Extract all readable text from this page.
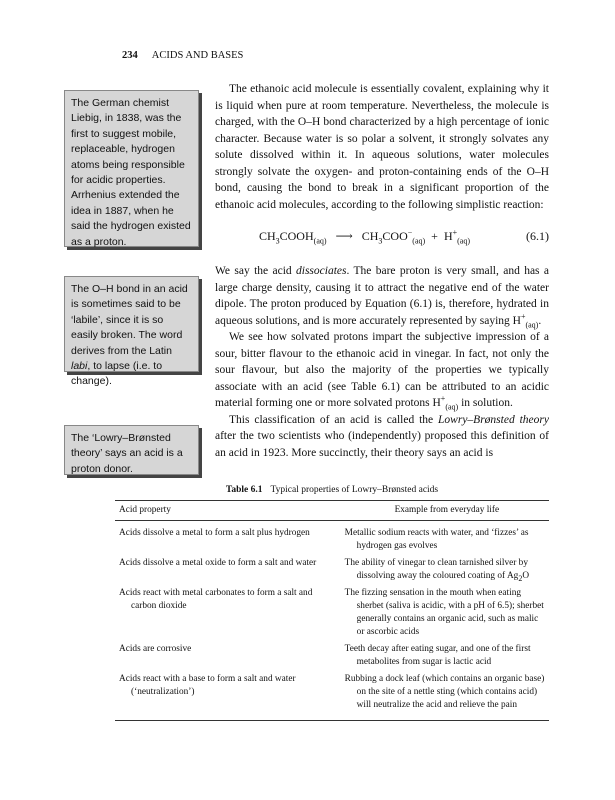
234 ACIDS AND BASES
The German chemist Liebig, in 1838, was the first to suggest mobile, replaceable, hydrogen atoms being responsible for acidic properties. Arrhenius extended the idea in 1887, when he said the hydrogen existed as a proton.
The O–H bond in an acid is sometimes said to be ‘labile’, since it is so easily broken. The word derives from the Latin labi, to lapse (i.e. to change).
The ‘Lowry–Brønsted theory’ says an acid is a proton donor.

The ethanoic acid molecule is essentially covalent, explaining why it is liquid when pure at room temperature. Nevertheless, the molecule is charged, with the O–H bond characterized by a high percentage of ionic character. Because water is so polar a solvent, it strongly solvates any solute dissolved within it. In aqueous solutions, water molecules strongly solvate the oxygen- and proton-containing ends of the O–H bond, causing the bond to break in a significant proportion of the ethanoic acid molecules, according to the following simplistic reaction:

$CH_3COOH_{(aq)}$ ⟶ $CH_3COO^-_{(aq)} + H^+_{(aq)}$	(6.1)

We say the acid dissociates. The bare proton is very small, and has a large charge density, causing it to attract the negative end of the water dipole. The proton produced by Equation (6.1) is, therefore, hydrated in aqueous solutions, and is more accurately represented by saying $H^+_{(aq)}$.

We see how solvated protons impart the subjective impression of a sour, bitter flavour to the ethanoic acid in vinegar. In fact, not only the sour flavour, but also the majority of the properties we typically associate with an acid (see Table 6.1) can be attributed to an acidic material forming one or more solvated protons $H^+_{(aq)}$ in solution.

This classification of an acid is called the Lowry–Brønsted theory after the two scientists who (independently) proposed this definition of an acid in 1923. More succinctly, their theory says an acid is

Table 6.1 Typical properties of Lowry–Brønsted acids
Acid property	Example from everyday life

Acids dissolve a metal to form a salt plus hydrogen	Metallic sodium reacts with water, and ‘fizzes’ as hydrogen gas evolves

Acids dissolve a metal oxide to form a salt and water	The ability of vinegar to clean tarnished silver by dissolving away the coloured coating of $Ag_2O$

Acids react with metal carbonates to form a salt and carbon dioxide	The fizzing sensation in the mouth when eating sherbet (saliva is acidic, with a pH of 6.5); sherbet generally contains an organic acid, such as malic or ascorbic acids

Acids are corrosive	Teeth decay after eating sugar, and one of the first metabolites from sugar is lactic acid

Acids react with a base to form a salt and water (‘neutralization’)	Rubbing a dock leaf (which contains an organic base) on the site of a nettle sting (which contains acid) will neutralize the acid and relieve the pain
